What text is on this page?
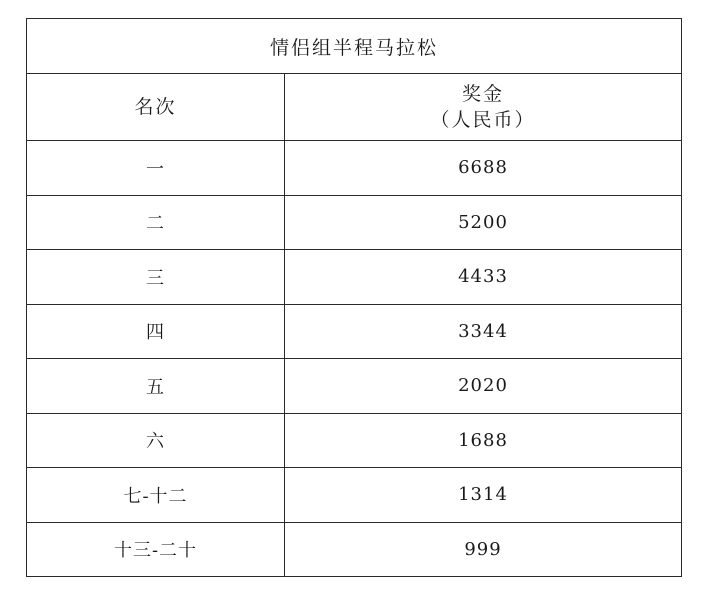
情侣组半程马拉松	
名次	奖金
（人民币）

一	6688
二	5200
三	4433
四	3344
五	2020
六	1688
七-十二	1314
十三-二十	999
